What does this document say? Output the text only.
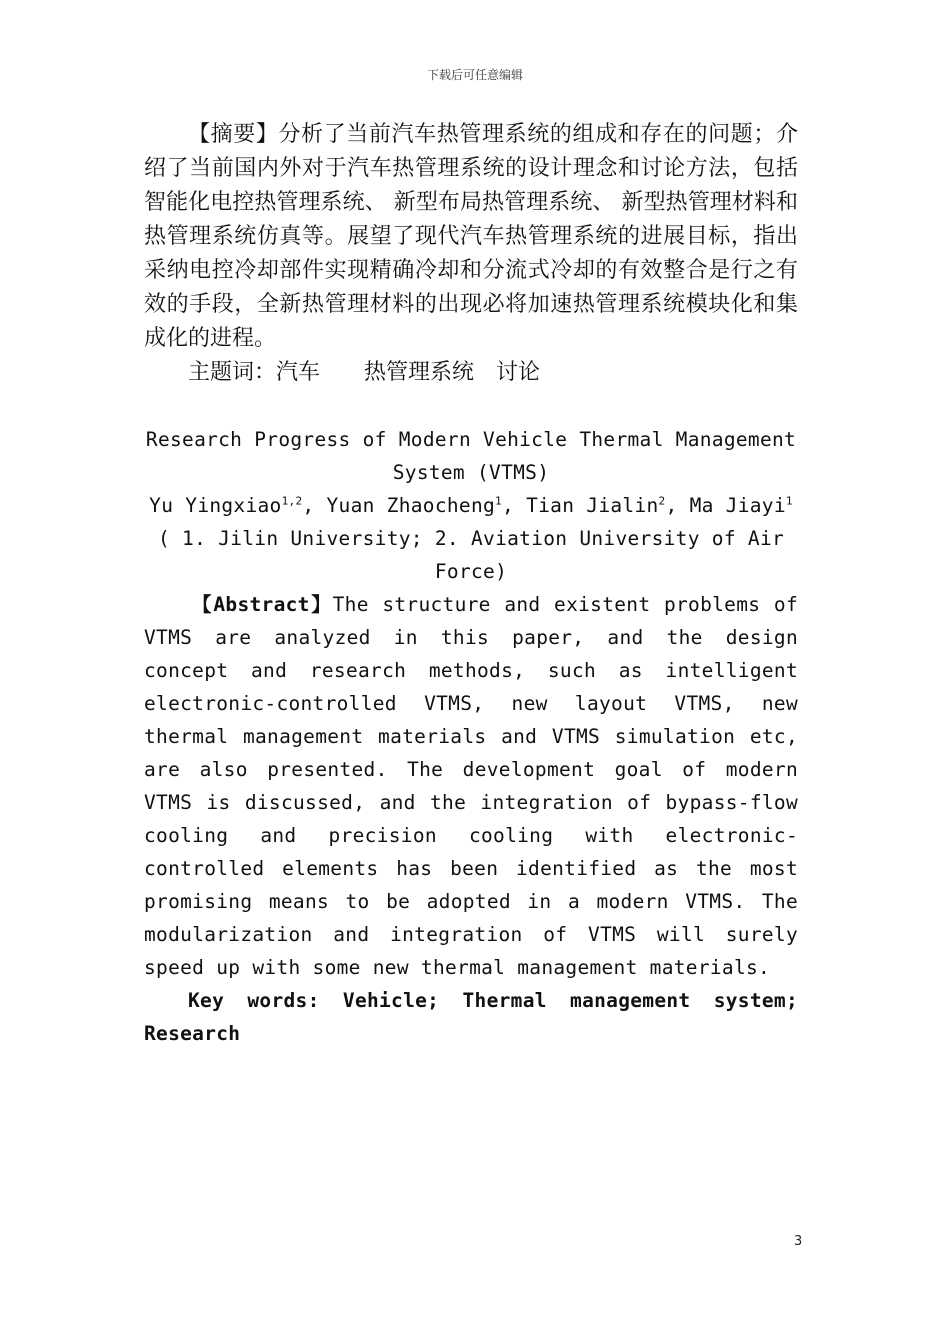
下载后可任意编辑

【摘要】分析了当前汽车热管理系统的组成和存在的问题；介绍了当前国内外对于汽车热管理系统的设计理念和讨论方法，包括智能化电控热管理系统、 新型布局热管理系统、 新型热管理材料和热管理系统仿真等。展望了现代汽车热管理系统的进展目标，指出采纳电控冷却部件实现精确冷却和分流式冷却的有效整合是行之有效的手段，全新热管理材料的出现必将加速热管理系统模块化和集成化的进程。

主题词：汽车 热管理系统 讨论

Research Progress of Modern Vehicle Thermal Management System (VTMS)

Yu Yingxiao$^{1,2}$, Yuan Zhaocheng$^1$, Tian Jialin$^2$, Ma Jiayi$^1$

( 1. Jilin University; 2. Aviation University of Air Force)

【Abstract】The structure and existent problems of VTMS are analyzed in this paper, and the design concept and research methods, such as intelligent electronic-controlled VTMS, new layout VTMS, new thermal management materials and VTMS simulation etc, are also presented. The development goal of modern VTMS is discussed, and the integration of bypass-flow cooling and precision cooling with electronic-controlled elements has been identified as the most promising means to be adopted in a modern VTMS. The modularization and integration of VTMS will surely speed up with some new thermal management materials.

Key words: Vehicle; Thermal management system; Research

3
